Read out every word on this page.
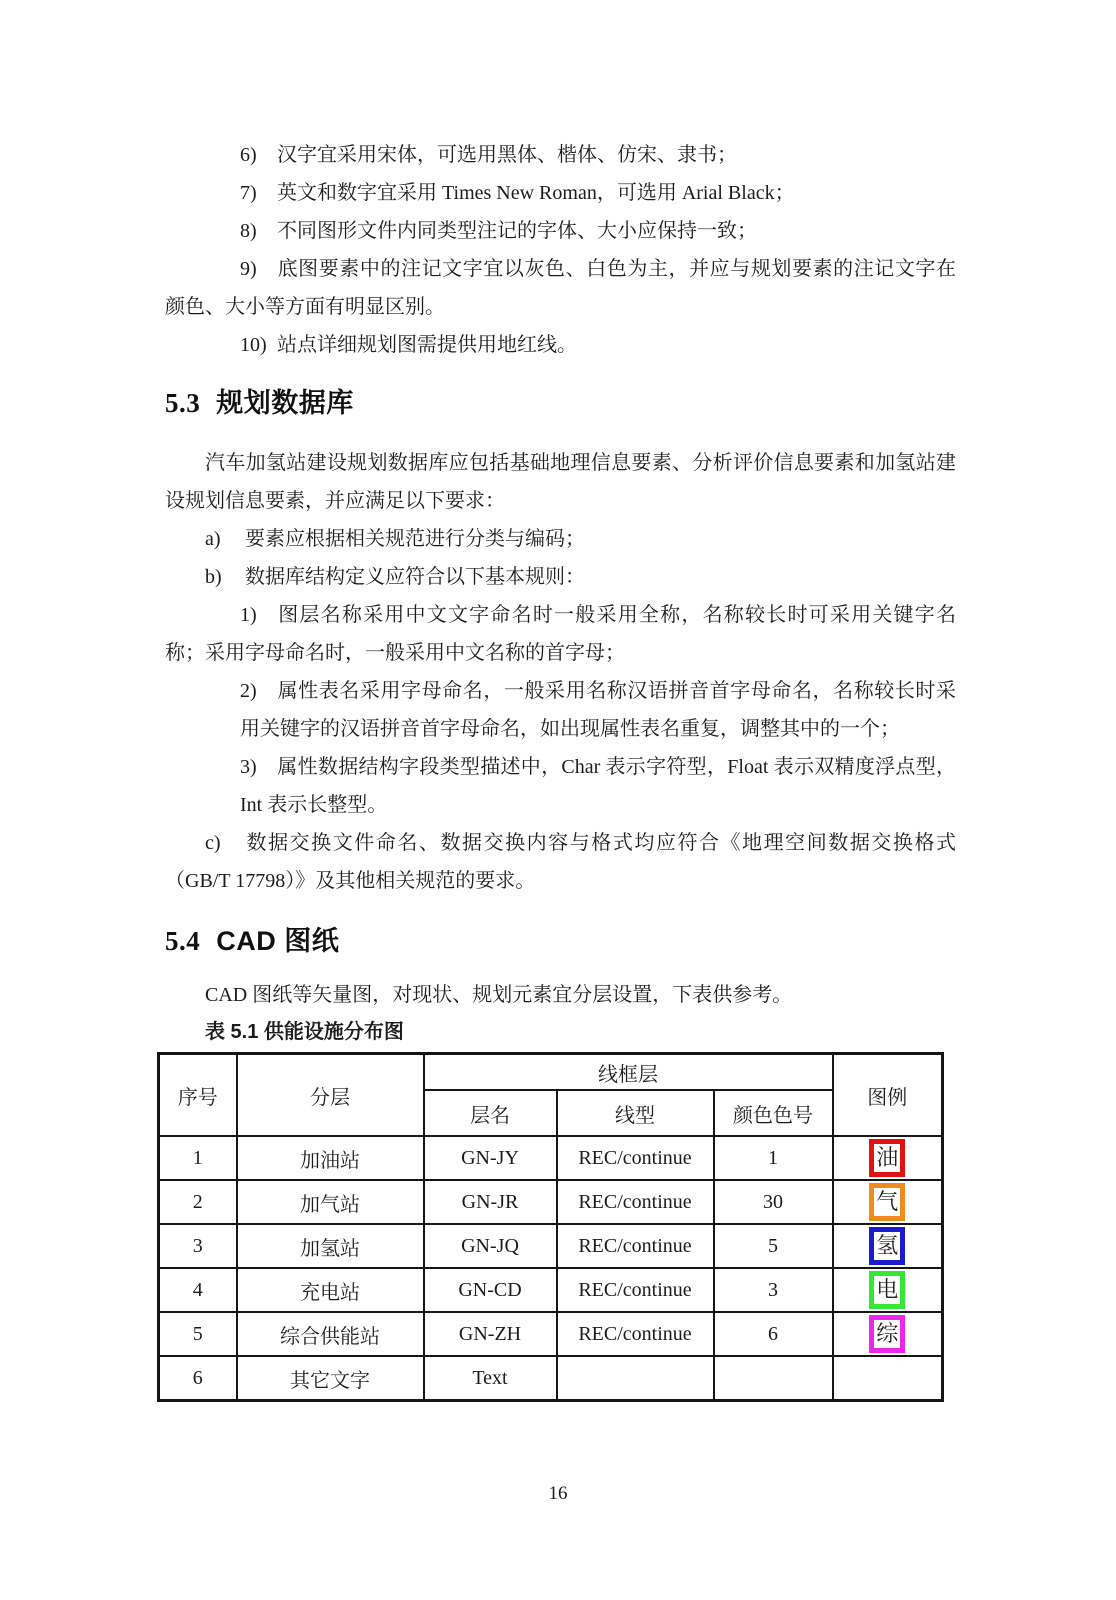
6) 汉字宜采用宋体，可选用黑体、楷体、仿宋、隶书；

7) 英文和数字宜采用 Times New Roman，可选用 Arial Black；

8) 不同图形文件内同类型注记的字体、大小应保持一致；

9) 底图要素中的注记文字宜以灰色、白色为主，并应与规划要素的注记文字在颜色、大小等方面有明显区别。

10) 站点详细规划图需提供用地红线。

5.3 规划数据库

汽车加氢站建设规划数据库应包括基础地理信息要素、分析评价信息要素和加氢站建设规划信息要素，并应满足以下要求：

a) 要素应根据相关规范进行分类与编码；

b) 数据库结构定义应符合以下基本规则：

1) 图层名称采用中文文字命名时一般采用全称，名称较长时可采用关键字名称；采用字母命名时，一般采用中文名称的首字母；

2) 属性表名采用字母命名，一般采用名称汉语拼音首字母命名，名称较长时采用关键字的汉语拼音首字母命名，如出现属性表名重复，调整其中的一个；

3) 属性数据结构字段类型描述中，Char 表示字符型，Float 表示双精度浮点型，Int 表示长整型。

c) 数据交换文件命名、数据交换内容与格式均应符合《地理空间数据交换格式（GB/T 17798）》及其他相关规范的要求。

5.4 CAD 图纸

CAD 图纸等矢量图，对现状、规划元素宜分层设置，下表供参考。

表 5.1 供能设施分布图
序号	分层	线框层			图例
		层名	线型	颜色色号	
1	加油站	GN-JY	REC/continue	1	油
2	加气站	GN-JR	REC/continue	30	气
3	加氢站	GN-JQ	REC/continue	5	氢
4	充电站	GN-CD	REC/continue	3	电
5	综合供能站	GN-ZH	REC/continue	6	综
6	其它文字	Text			
16
